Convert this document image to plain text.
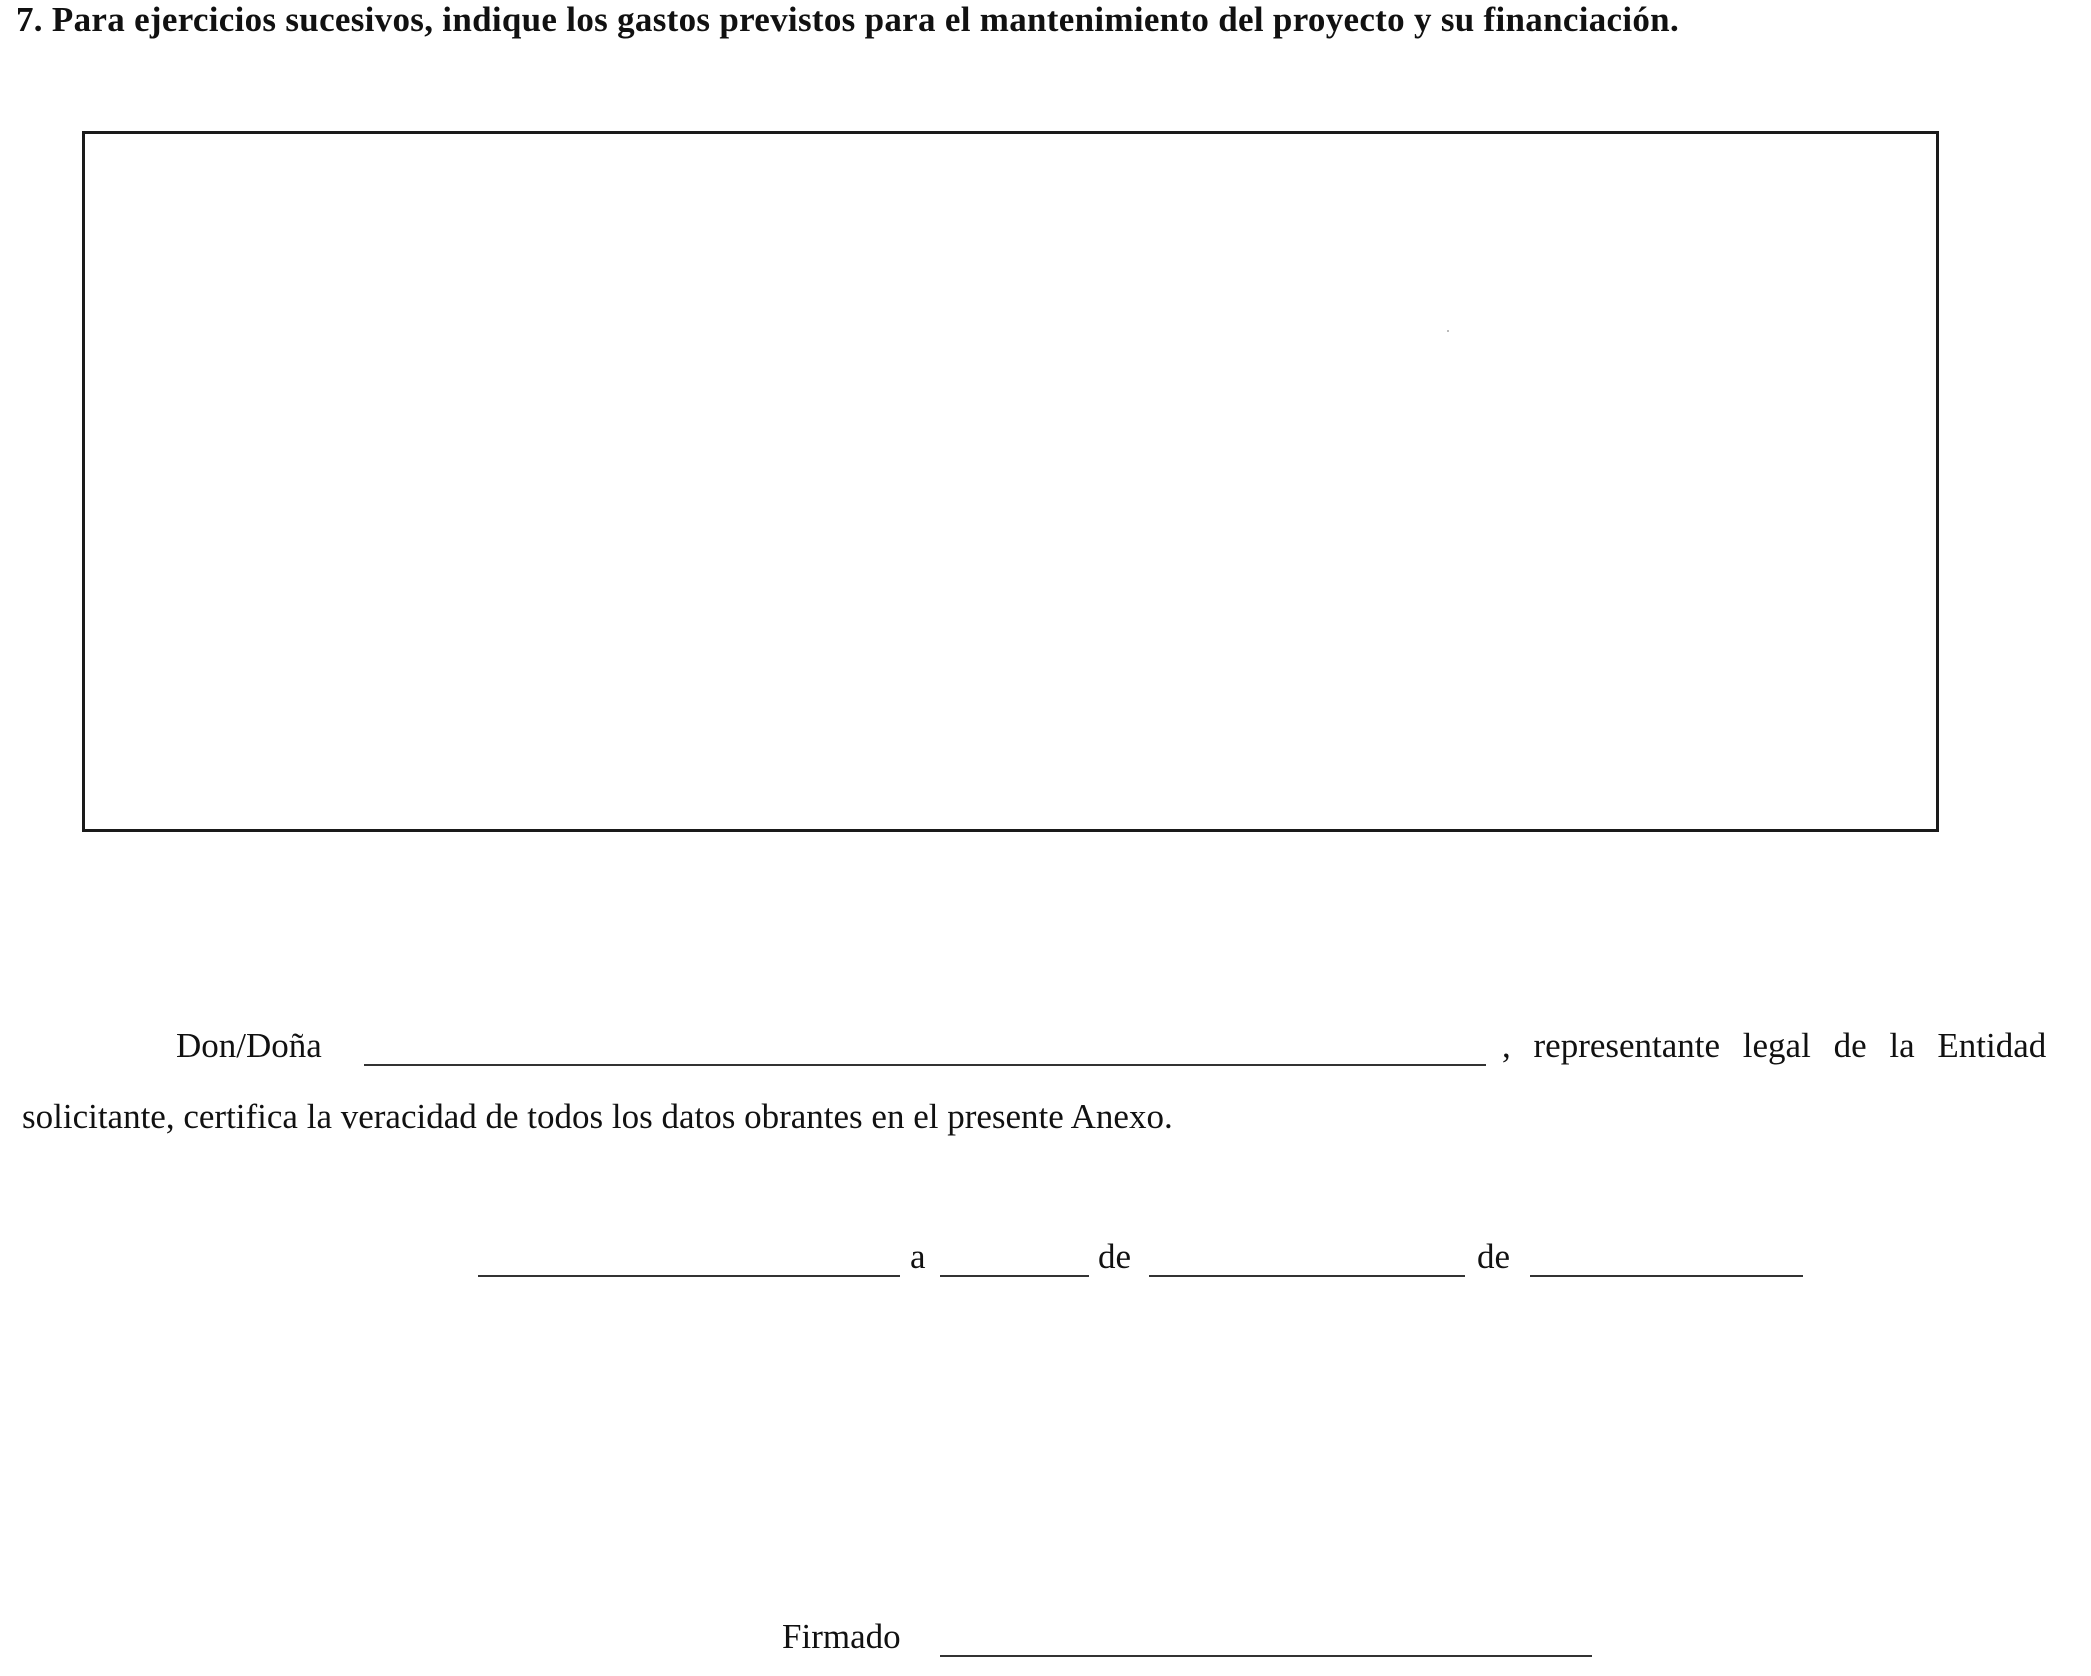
7. Para ejercicios sucesivos, indique los gastos previstos para el mantenimiento del proyecto y su financiación.
Don/Doña	, representante legal de la Entidad
solicitante, certifica la veracidad de todos los datos obrantes en el presente Anexo.
a	de	de
Firmado
